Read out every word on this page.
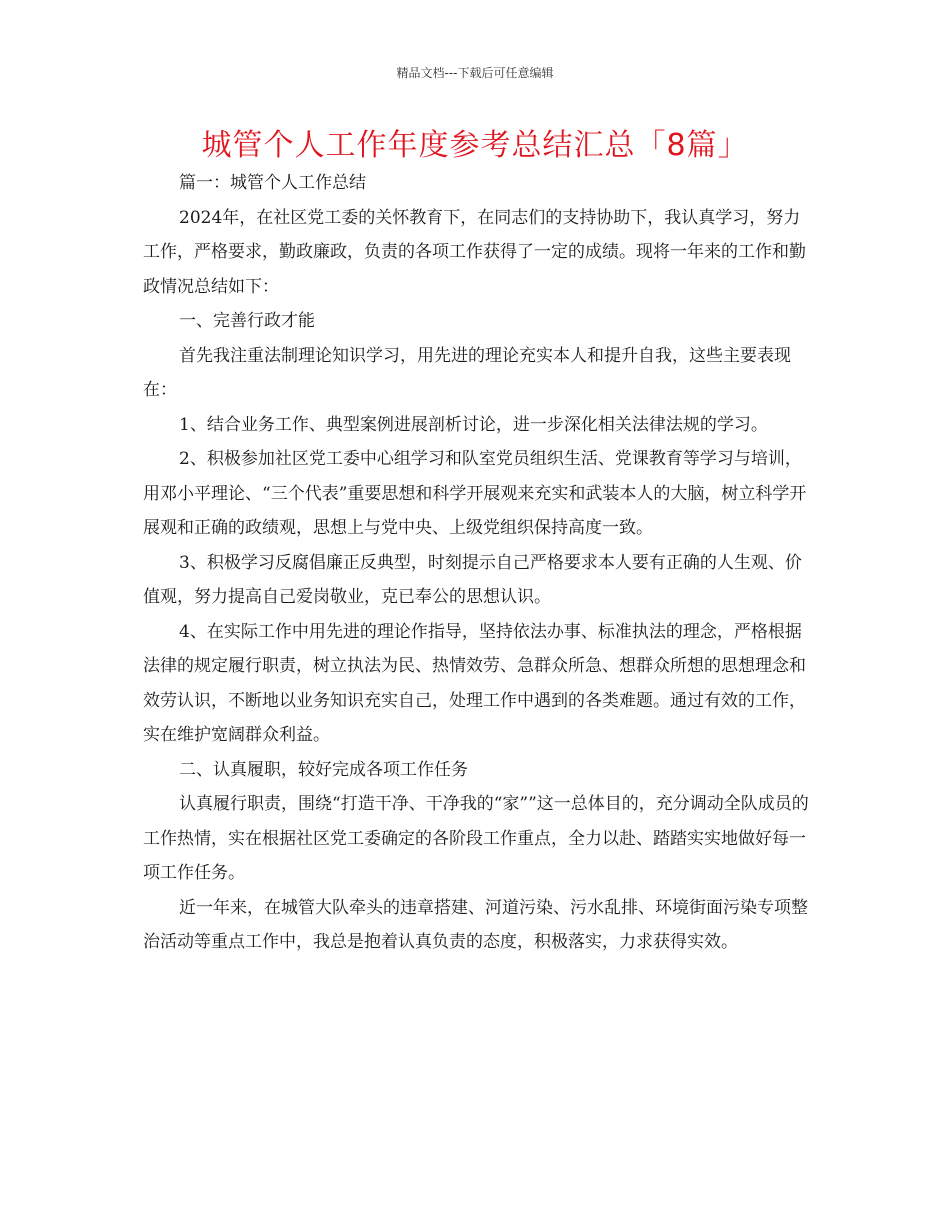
精品文档---下载后可任意编辑
城管个人工作年度参考总结汇总「8篇」

篇一：城管个人工作总结

2024年，在社区党工委的关怀教育下，在同志们的支持协助下，我认真学习，努力工作，严格要求，勤政廉政，负责的各项工作获得了一定的成绩。现将一年来的工作和勤政情况总结如下：

一、完善行政才能

首先我注重法制理论知识学习，用先进的理论充实本人和提升自我，这些主要表现在：

1、结合业务工作、典型案例进展剖析讨论，进一步深化相关法律法规的学习。

2、积极参加社区党工委中心组学习和队室党员组织生活、党课教育等学习与培训，用邓小平理论、“三个代表”重要思想和科学开展观来充实和武装本人的大脑，树立科学开展观和正确的政绩观，思想上与党中央、上级党组织保持高度一致。

3、积极学习反腐倡廉正反典型，时刻提示自己严格要求本人要有正确的人生观、价值观，努力提高自己爱岗敬业，克已奉公的思想认识。

4、在实际工作中用先进的理论作指导，坚持依法办事、标准执法的理念，严格根据法律的规定履行职责，树立执法为民、热情效劳、急群众所急、想群众所想的思想理念和效劳认识，不断地以业务知识充实自己，处理工作中遇到的各类难题。通过有效的工作，实在维护宽阔群众利益。

二、认真履职，较好完成各项工作任务

认真履行职责，围绕“打造干净、干净我的“家””这一总体目的，充分调动全队成员的工作热情，实在根据社区党工委确定的各阶段工作重点，全力以赴、踏踏实实地做好每一项工作任务。

近一年来，在城管大队牵头的违章搭建、河道污染、污水乱排、环境街面污染专项整治活动等重点工作中，我总是抱着认真负责的态度，积极落实，力求获得实效。
